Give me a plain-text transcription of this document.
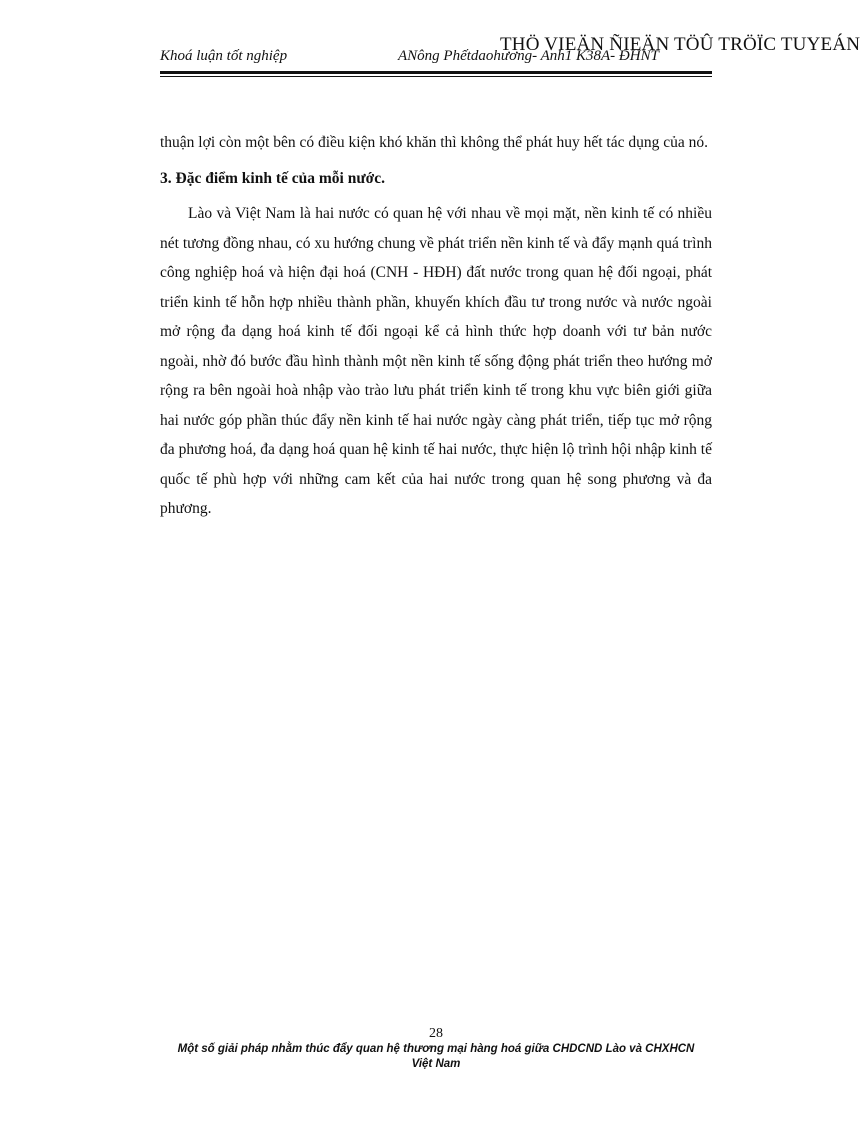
Khoá luận tốt nghiệp	ANông Phếtdaohương- Anh1 K38A- ĐHNT
THÖ VIEÄN ÑIEÄN TÖÛ TRÖÏC TUYEÁN

thuận lợi còn một bên có điều kiện khó khăn thì không thể phát huy hết tác dụng của nó.

3. Đặc điểm kinh tế của mỗi nước.

Lào và Việt Nam là hai nước có quan hệ với nhau về mọi mặt, nền kinh tế có nhiều nét tương đồng nhau, có xu hướng chung về phát triển nền kinh tế và đẩy mạnh quá trình công nghiệp hoá và hiện đại hoá (CNH - HĐH) đất nước trong quan hệ đối ngoại, phát triển kinh tế hỗn hợp nhiều thành phần, khuyến khích đầu tư trong nước và nước ngoài mở rộng đa dạng hoá kinh tế đối ngoại kể cả hình thức hợp doanh với tư bản nước ngoài, nhờ đó bước đầu hình thành một nền kinh tế sống động phát triển theo hướng mở rộng ra bên ngoài hoà nhập vào trào lưu phát triển kinh tế trong khu vực biên giới giữa hai nước góp phần thúc đẩy nền kinh tế hai nước ngày càng phát triển, tiếp tục mở rộng đa phương hoá, đa dạng hoá quan hệ kinh tế hai nước, thực hiện lộ trình hội nhập kinh tế quốc tế phù hợp với những cam kết của hai nước trong quan hệ song phương và đa phương.

28
Một số giải pháp nhằm thúc đẩy quan hệ thương mại hàng hoá giữa CHDCND Lào và CHXHCN Việt Nam
